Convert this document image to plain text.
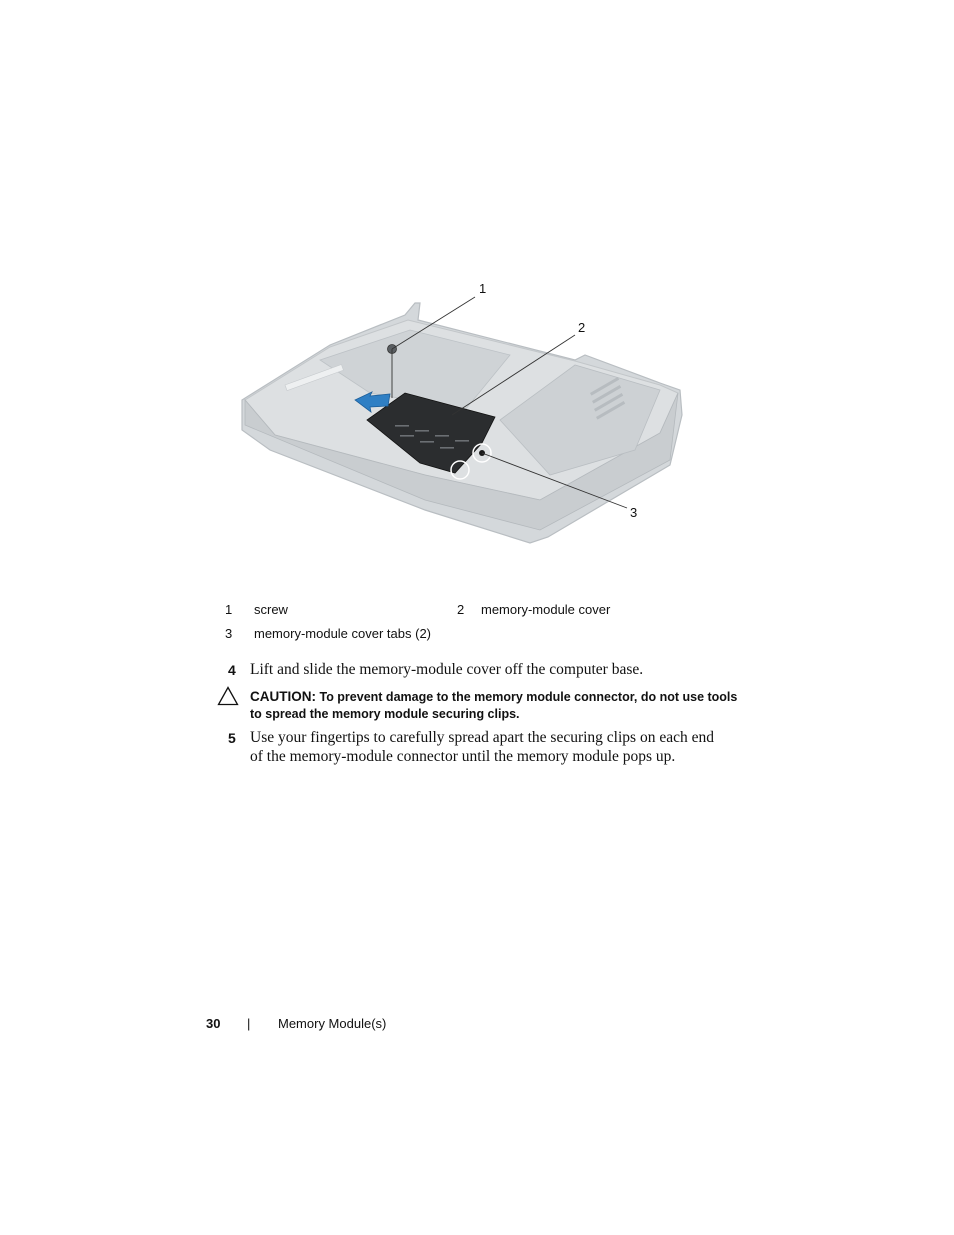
1
2
3
1 screw	2 memory-module cover
3 memory-module cover tabs (2)
4 Lift and slide the memory-module cover off the computer base.
CAUTION: To prevent damage to the memory module connector, do not use tools
to spread the memory module securing clips.
5 Use your fingertips to carefully spread apart the securing clips on each end
of the memory-module connector until the memory module pops up.
30 | Memory Module(s)
